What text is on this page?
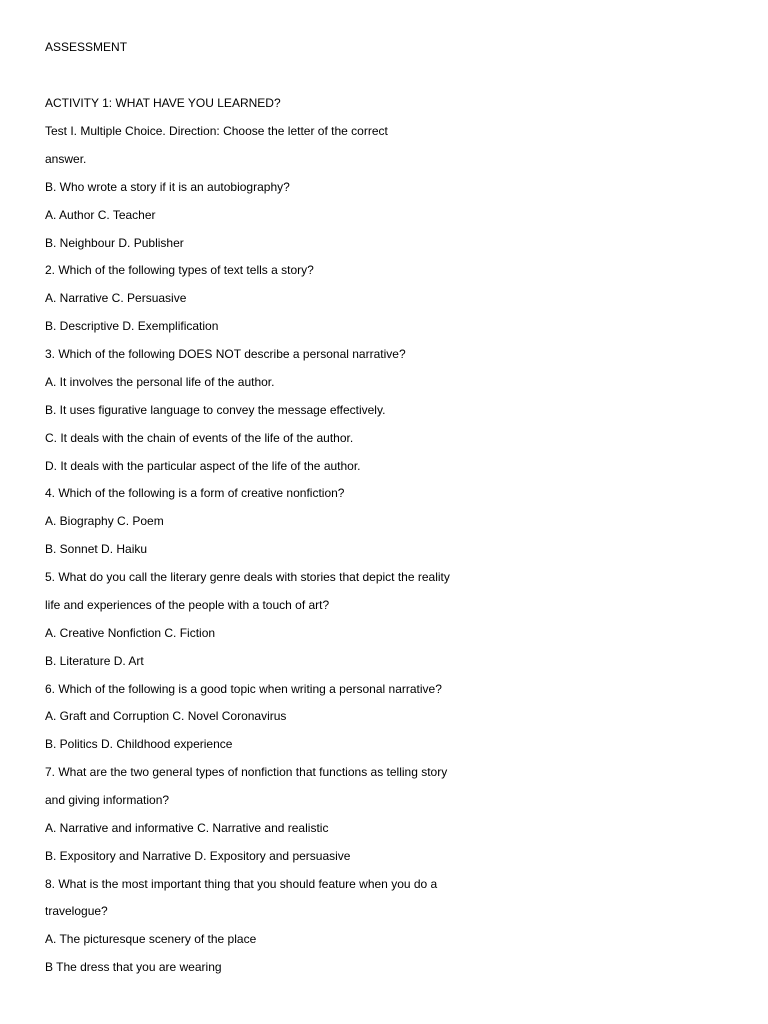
ASSESSMENT
ACTIVITY 1: WHAT HAVE YOU LEARNED?
Test I. Multiple Choice. Direction: Choose the letter of the correct
answer.
B. Who wrote a story if it is an autobiography?
A. Author C. Teacher
B. Neighbour D. Publisher
2. Which of the following types of text tells a story?
A. Narrative C. Persuasive
B. Descriptive D. Exemplification
3. Which of the following DOES NOT describe a personal narrative?
A. It involves the personal life of the author.
B. It uses figurative language to convey the message effectively.
C. It deals with the chain of events of the life of the author.
D. It deals with the particular aspect of the life of the author.
4. Which of the following is a form of creative nonfiction?
A. Biography C. Poem
B. Sonnet D. Haiku
5. What do you call the literary genre deals with stories that depict the reality
life and experiences of the people with a touch of art?
A. Creative Nonfiction C. Fiction
B. Literature D. Art
6. Which of the following is a good topic when writing a personal narrative?
A. Graft and Corruption C. Novel Coronavirus
B. Politics D. Childhood experience
7. What are the two general types of nonfiction that functions as telling story
and giving information?
A. Narrative and informative C. Narrative and realistic
B. Expository and Narrative D. Expository and persuasive
8. What is the most important thing that you should feature when you do a
travelogue?
A. The picturesque scenery of the place
B The dress that you are wearing
